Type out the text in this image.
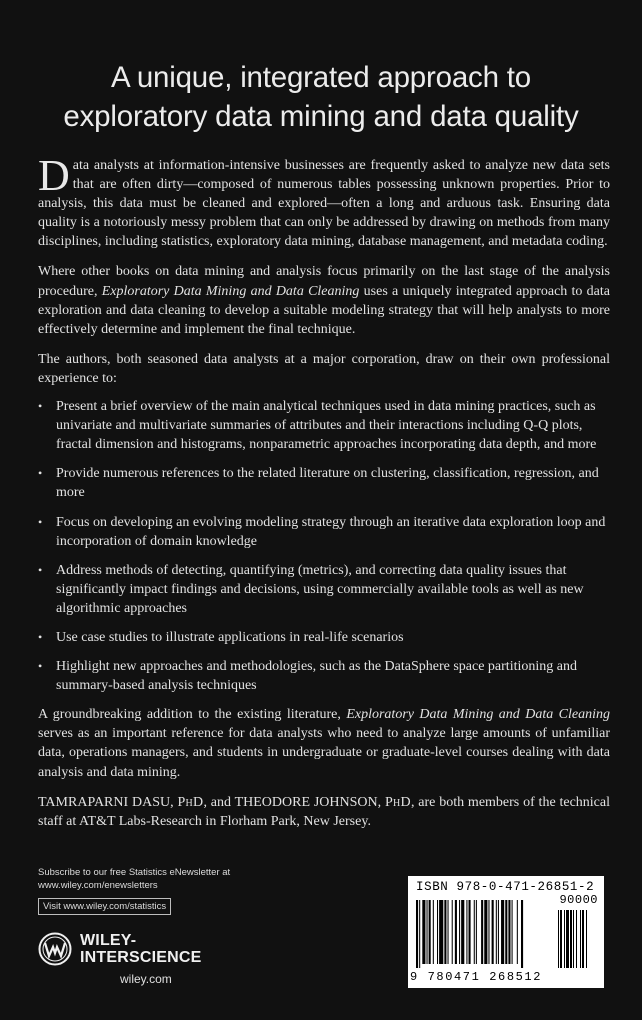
A unique, integrated approach to
exploratory data mining and data quality

Data analysts at information-intensive businesses are frequently asked to analyze new data sets that are often dirty—composed of numerous tables possessing unknown properties. Prior to analysis, this data must be cleaned and explored—often a long and arduous task. Ensuring data quality is a notoriously messy problem that can only be addressed by drawing on methods from many disciplines, including statistics, exploratory data mining, database management, and metadata coding.

Where other books on data mining and analysis focus primarily on the last stage of the analysis procedure, Exploratory Data Mining and Data Cleaning uses a uniquely integrated approach to data exploration and data cleaning to develop a suitable modeling strategy that will help analysts to more effectively determine and implement the final technique.

The authors, both seasoned data analysts at a major corporation, draw on their own professional experience to:

• Present a brief overview of the main analytical techniques used in data mining practices, such as univariate and multivariate summaries of attributes and their interactions including Q-Q plots, fractal dimension and histograms, nonparametric approaches incorporating data depth, and more
• Provide numerous references to the related literature on clustering, classification, regression, and more
• Focus on developing an evolving modeling strategy through an iterative data exploration loop and incorporation of domain knowledge
• Address methods of detecting, quantifying (metrics), and correcting data quality issues that significantly impact findings and decisions, using commercially available tools as well as new algorithmic approaches
• Use case studies to illustrate applications in real-life scenarios
• Highlight new approaches and methodologies, such as the DataSphere space partitioning and summary-based analysis techniques

A groundbreaking addition to the existing literature, Exploratory Data Mining and Data Cleaning serves as an important reference for data analysts who need to analyze large amounts of unfamiliar data, operations managers, and students in undergraduate or graduate-level courses dealing with data analysis and data mining.

TAMRAPARNI DASU, PhD, and THEODORE JOHNSON, PhD, are both members of the technical staff at AT&T Labs-Research in Florham Park, New Jersey.

Subscribe to our free Statistics eNewsletter at
www.wiley.com/enewsletters
Visit www.wiley.com/statistics
WILEY-
INTERSCIENCE
wiley.com
ISBN 978-0-471-26851-2
90000
9 780471 268512
